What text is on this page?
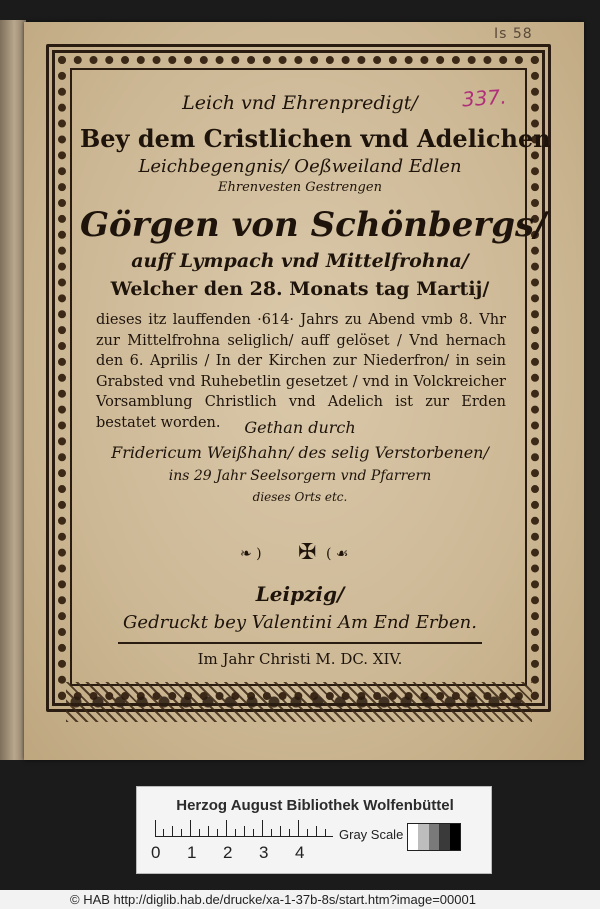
Is 58
Leich vnd Ehrenpredigt/	337.
Bey dem Cristlichen vnd Adelichen
Leichbegengnis/ Oeßweiland Edlen
Ehrenvesten Gestrengen
Görgen von Schönbergs/
auff Lympach vnd Mittelfrohna/
Welcher den 28. Monats tag Martij/
dieses itz lauffenden ·614· Jahrs zu Abend vmb 8. Vhr zur Mittelfrohna seliglich/ auff gelöset / Vnd hernach den 6. Aprilis / In der Kirchen zur Niederfron/ in sein Grabsted vnd Ruhebetlin gesetzet / vnd in Volckreicher Vorsamblung Christlich vnd Adelich ist zur Erden bestatet worden.	Gethan durch
Fridericum Weißhahn/ des selig Verstorbenen/
ins 29 Jahr Seelsorgern vnd Pfarrern
dieses Orts etc.
❧ ) ✠ ( ☙
Leipzig/
Gedruckt bey Valentini Am End Erben.
Im Jahr Christi M. DC. XIV.
Herzog August Bibliothek Wolfenbüttel
0 1 2 3 4
Gray Scale
© HAB http://diglib.hab.de/drucke/xa-1-37b-8s/start.htm?image=00001
